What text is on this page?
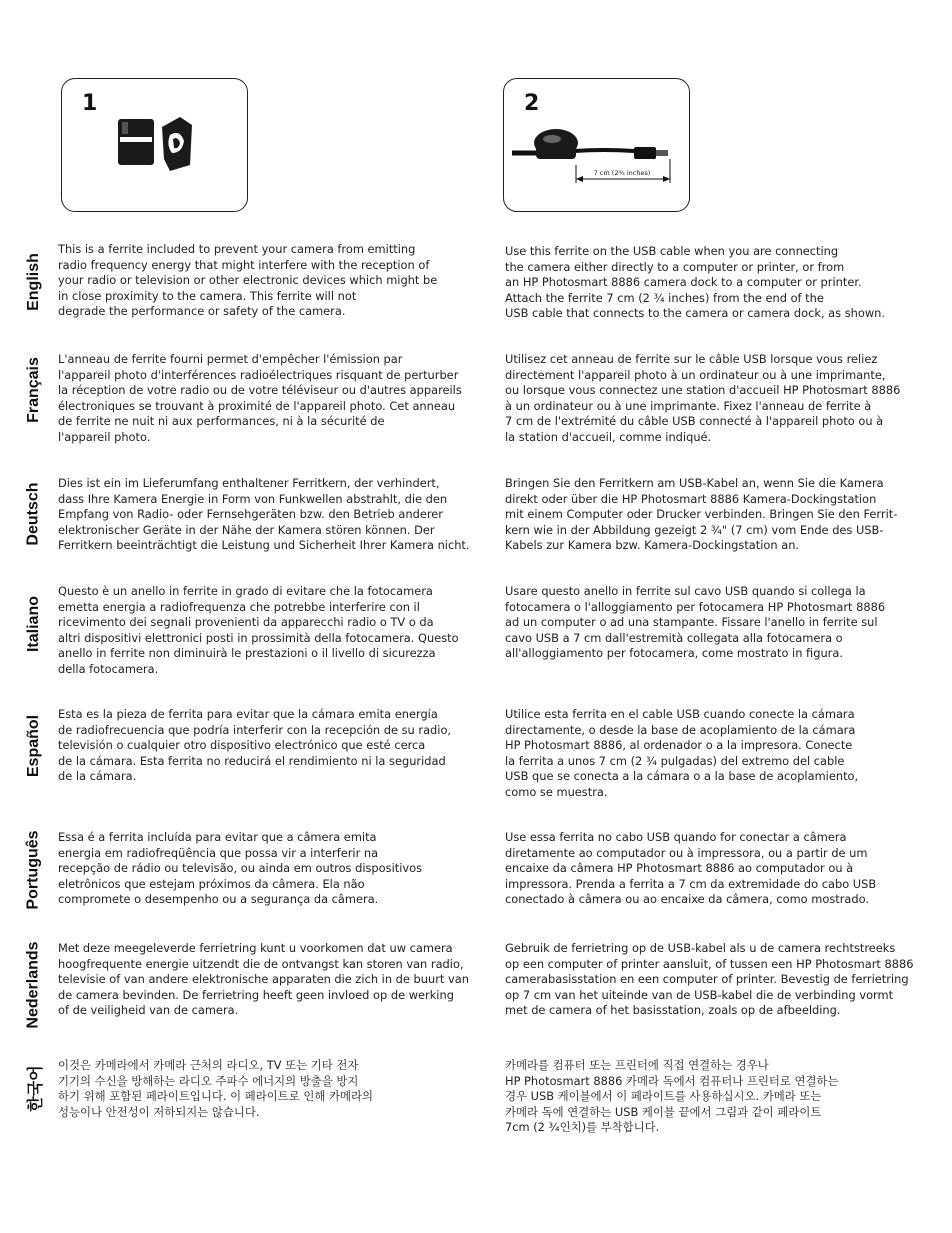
1	2
7 cm (2¾ inches)
English
This is a ferrite included to prevent your camera from emitting
radio frequency energy that might interfere with the reception of
your radio or television or other electronic devices which might be
in close proximity to the camera. This ferrite will not
degrade the performance or safety of the camera.
Use this ferrite on the USB cable when you are connecting
the camera either directly to a computer or printer, or from
an HP Photosmart 8886 camera dock to a computer or printer.
Attach the ferrite 7 cm (2 ¾ inches) from the end of the
USB cable that connects to the camera or camera dock, as shown.
Français L'anneau de ferrite fourni permet d'empêcher l'émission par
l'appareil photo d'interférences radioélectriques risquant de perturber
la réception de votre radio ou de votre téléviseur ou d'autres appareils
électroniques se trouvant à proximité de l'appareil photo. Cet anneau
de ferrite ne nuit ni aux performances, ni à la sécurité de
l'appareil photo.
Utilisez cet anneau de ferrite sur le câble USB lorsque vous reliez
directement l'appareil photo à un ordinateur ou à une imprimante,
ou lorsque vous connectez une station d'accueil HP Photosmart 8886
à un ordinateur ou à une imprimante. Fixez l'anneau de ferrite à
7 cm de l'extrémité du câble USB connecté à l'appareil photo ou à
la station d'accueil, comme indiqué.
Deutsch Dies ist ein im Lieferumfang enthaltener Ferritkern, der verhindert,
dass Ihre Kamera Energie in Form von Funkwellen abstrahlt, die den
Empfang von Radio- oder Fernsehgeräten bzw. den Betrieb anderer
elektronischer Geräte in der Nähe der Kamera stören können. Der
Ferritkern beeinträchtigt die Leistung und Sicherheit Ihrer Kamera nicht.
Bringen Sie den Ferritkern am USB-Kabel an, wenn Sie die Kamera
direkt oder über die HP Photosmart 8886 Kamera-Dockingstation
mit einem Computer oder Drucker verbinden. Bringen Sie den Ferrit-
kern wie in der Abbildung gezeigt 2 ¾" (7 cm) vom Ende des USB-
Kabels zur Kamera bzw. Kamera-Dockingstation an.
Italiano
Questo è un anello in ferrite in grado di evitare che la fotocamera
emetta energia a radiofrequenza che potrebbe interferire con il
ricevimento dei segnali provenienti da apparecchi radio o TV o da
altri dispositivi elettronici posti in prossimità della fotocamera. Questo
anello in ferrite non diminuirà le prestazioni o il livello di sicurezza
della fotocamera.
Usare questo anello in ferrite sul cavo USB quando si collega la
fotocamera o l'alloggiamento per fotocamera HP Photosmart 8886
ad un computer o ad una stampante. Fissare l'anello in ferrite sul
cavo USB a 7 cm dall'estremità collegata alla fotocamera o
all'alloggiamento per fotocamera, come mostrato in figura.
Español
Esta es la pieza de ferrita para evitar que la cámara emita energía
de radiofrecuencia que podría interferir con la recepción de su radio,
televisión o cualquier otro dispositivo electrónico que esté cerca
de la cámara. Esta ferrita no reducirá el rendimiento ni la seguridad
de la cámara.
Utilice esta ferrita en el cable USB cuando conecte la cámara
directamente, o desde la base de acoplamiento de la cámara
HP Photosmart 8886, al ordenador o a la impresora. Conecte
la ferrita a unos 7 cm (2 ¾ pulgadas) del extremo del cable
USB que se conecta a la cámara o a la base de acoplamiento,
como se muestra.
Português Essa é a ferrita incluída para evitar que a câmera emita
energia em radiofreqüência que possa vir a interferir na
recepção de rádio ou televisão, ou ainda em outros dispositivos
eletrônicos que estejam próximos da câmera. Ela não
compromete o desempenho ou a segurança da câmera.
Use essa ferrita no cabo USB quando for conectar a câmera
diretamente ao computador ou à impressora, ou a partir de um
encaixe da câmera HP Photosmart 8886 ao computador ou à
impressora. Prenda a ferrita a 7 cm da extremidade do cabo USB
conectado à câmera ou ao encaixe da câmera, como mostrado.
Nederlands Met deze meegeleverde ferrietring kunt u voorkomen dat uw camera
hoogfrequente energie uitzendt die de ontvangst kan storen van radio,
televisie of van andere elektronische apparaten die zich in de buurt van
de camera bevinden. De ferrietring heeft geen invloed op de werking
of de veiligheid van de camera.
Gebruik de ferrietring op de USB-kabel als u de camera rechtstreeks
op een computer of printer aansluit, of tussen een HP Photosmart 8886
camerabasisstation en een computer of printer. Bevestig de ferrietring
op 7 cm van het uiteinde van de USB-kabel die de verbinding vormt
met de camera of het basisstation, zoals op de afbeelding.
한국어 이것은 카메라에서 카메라 근처의 라디오, TV 또는 기타 전자
기기의 수신을 방해하는 라디오 주파수 에너지의 방출을 방지
하기 위해 포함된 페라이트입니다. 이 페라이트로 인해 카메라의
성능이나 안전성이 저하되지는 않습니다.
카메라를 컴퓨터 또는 프린터에 직접 연결하는 경우나
HP Photosmart 8886 카메라 독에서 컴퓨터나 프린터로 연결하는
경우 USB 케이블에서 이 페라이트를 사용하십시오. 카메라 또는
카메라 독에 연결하는 USB 케이블 끝에서 그림과 같이 페라이트
7cm (2 ¾인치)를 부착합니다.
